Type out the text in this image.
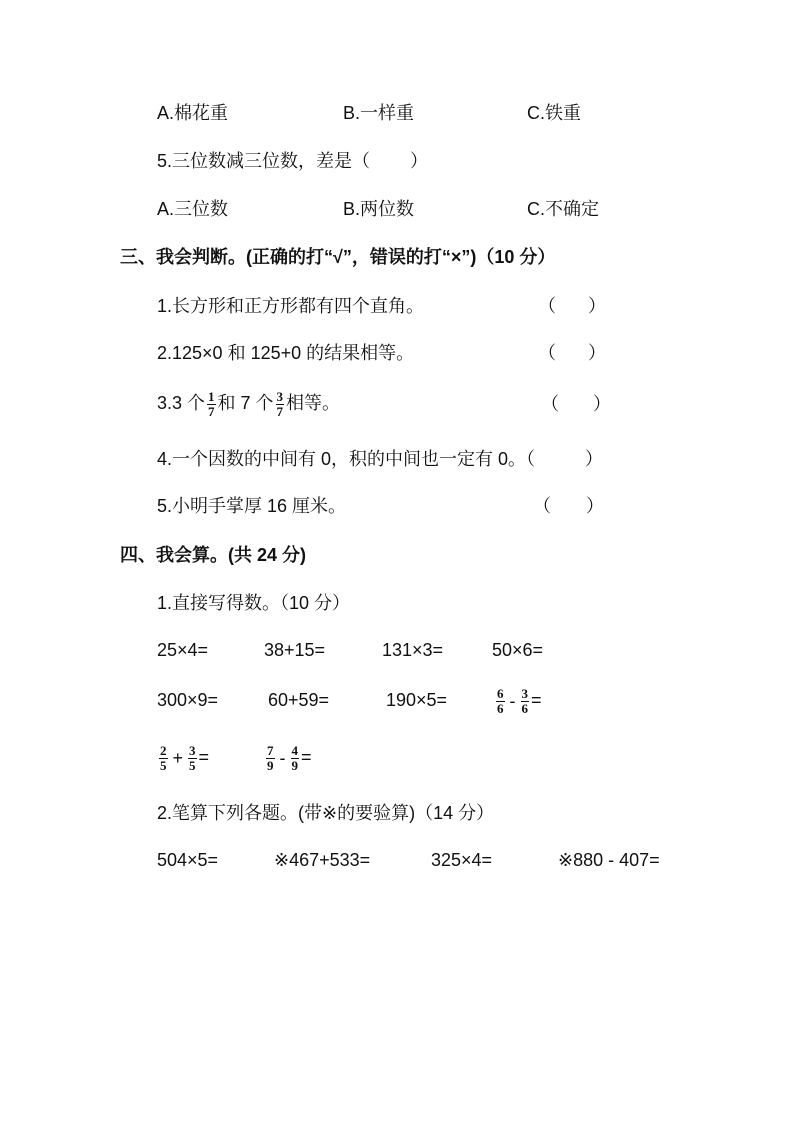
A.棉花重	B.一样重	C.铁重
5.三位数减三位数，差是（ ）
A.三位数	B.两位数	C.不确定
三、我会判断。(正确的打“√”，错误的打“×”)（10 分）
1.长方形和正方形都有四个直角。	（ ）
2.125×0 和 125+0 的结果相等。	（ ）
3.3 个 $\frac{1}{7}$ 和 7 个 $\frac{3}{7}$ 相等。	（ ）
4.一个因数的中间有 0，积的中间也一定有 0。（	）
5.小明手掌厚 16 厘米。	（ ）
四、我会算。(共 24 分)
1.直接写得数。（10 分）
25×4=	38+15=	131×3=	50×6=
300×9=	60+59=	190×5=	$\frac{6}{6} - \frac{3}{6}$ =
$\frac{2}{5} + \frac{3}{5}$ =	$\frac{7}{9} - \frac{4}{9}$ =
2.笔算下列各题。(带※的要验算)（14 分）
504×5=	※467+533=	325×4=	※880 - 407=
